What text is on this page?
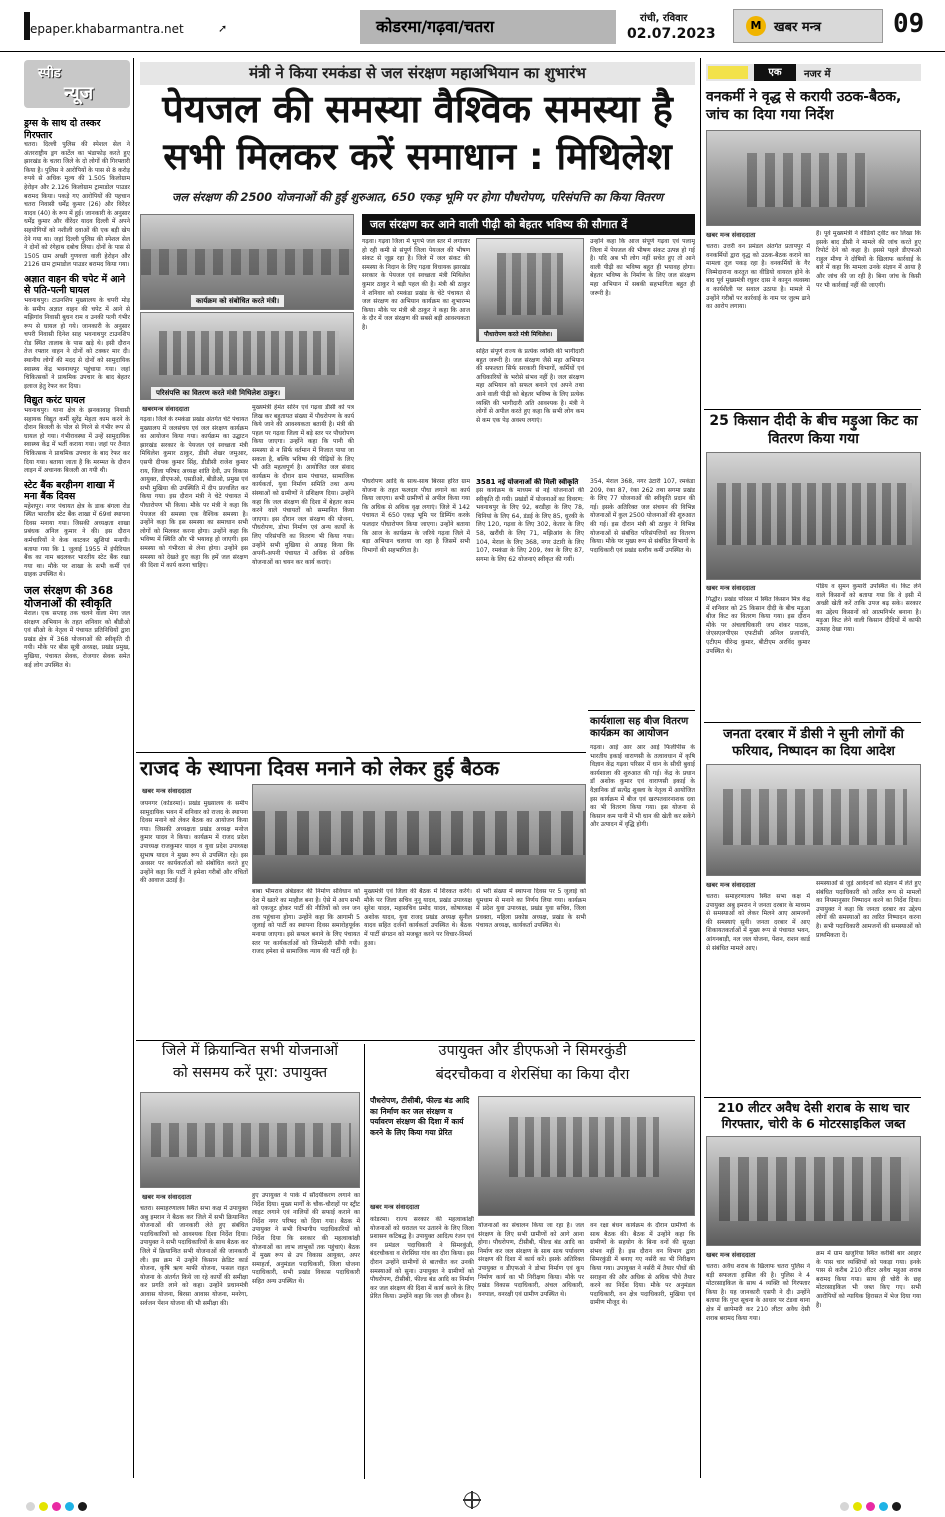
epaper.khabarmantra.net	➚	कोडरमा/गढ़वा/चतरा	रांची, रविवार
02.07.2023
M खबर मन्त्र	09
स्पीड
न्यूज
ड्रग्स के साथ दो तस्कर गिरफ्तार
चतरा। दिल्ली पुलिस की स्पेशल सेल ने अंतरराष्ट्रीय ड्रग कार्टेल का भंडाफोड़ करते हुए झारखंड के चतरा जिले के दो लोगों की गिरफ्तारी किया है। पुलिस ने आरोपियों के पास से 8 करोड़ रुपये से अधिक मूल्य की 1.505 किलोग्राम हेरोइन और 2.126 किलोग्राम ट्रामाडोल पाउडर बरामद किया। पकड़े गए आरोपियों की पहचान चतरा निवासी धर्मेंद्र कुमार (26) और विरेंदर यादव (40) के रूप में हुई। जानकारी के अनुसार धर्मेंद्र कुमार और वीरेंदर यादव दिल्ली में अपने सहयोगियों को नशीली दवाओं की एक बड़ी खेप देने गया था। जहां दिल्ली पुलिस की स्पेशल सेल ने दोनों को रंगेहाथ दबोच लिया। दोनों के पास से 1505 ग्राम अच्छी गुणवत्ता वाली हेरोइन और 2126 ग्राम ट्रामाडोल पाउडर बरामद किया गया।
अज्ञात वाहन की चपेट में आने से पति-पत्नी घायल
भवनाथपुर। टाउनशिप मुख्यालय के चपरी मोड़ के समीप अज्ञात वाहन की चपेट में आने से मझिगांव निवासी बुधन राम व उनकी पत्नी गंभीर रूप से घायल हो गये। जानकारी के अनुसार चपरी निवासी दिनेश साह भवनाथपुर टाउनशिप रोड स्थित तालाब के पास खड़े थे। इसी दौरान तेज रफ्तार वाहन ने दोनों को टक्कर मार दी। स्थानीय लोगों की मदद से दोनों को सामुदायिक स्वास्थ्य केंद्र भवनाथपुर पहुंचाया गया। जहां चिकित्सकों ने प्राथमिक उपचार के बाद बेहतर इलाज हेतु रेफर कर दिया।
विद्युत करंट घायल
भवनाथपुर। थाना क्षेत्र के झनकावाह निवासी सहायक विद्युत कर्मी सुरेंद्र मेहता काम करने के दौरान बिजली के पोल से गिरने से गंभीर रूप से घायल हो गया। गंभीरावस्था में उन्हें सामुदायिक स्वास्थ्य केंद्र में भर्ती कराया गया। जहां पर तैनात चिकित्सक ने प्राथमिक उपचार के बाद रेफर कर दिया गया। बताया जाता है कि मरम्मत के दौरान लाइन में अचानक बिजली आ गयी थी।
स्टेट बैंक बरहीनग शाखा में मना बैंक दिवस
महेशपुर। नगर पंचायत क्षेत्र के डाक बंगला रोड स्थित भारतीय स्टेट बैंक शाखा में 69वां स्थापना दिवस मनाया गया। जिसकी अध्यक्षता शाखा प्रबंधक अनिल कुमार ने की। इस दौरान कर्मचारियों ने केक काटकर खुशियां मनायी। बताया गया कि 1 जुलाई 1955 में इंपीरियल बैंक का नाम बदलकर भारतीय स्टेट बैंक रखा गया था। मौके पर शाखा के सभी कर्मी एवं ग्राहक उपस्थित थे।
जल संरक्षण की 368 योजनाओं की स्वीकृति
मेराल। एक सप्ताह तक चलने वाला मेगा जल संरक्षण अभियान के तहत शनिवार को बीडीओ एवं सीओ के नेतृत्व में पंचायत प्रतिनिधियों द्वारा प्रखंड क्षेत्र में 368 योजनाओं की स्वीकृति दी गयी। मौके पर बीस सूत्री अध्यक्ष, प्रखंड प्रमुख, मुखिया, पंचायत सेवक, रोजगार सेवक समेत कई लोग उपस्थित थे।
मंत्री ने किया रमकंडा से जल संरक्षण महाअभियान का शुभारंभ
पेयजल की समस्या वैश्विक समस्या है
सभी मिलकर करें समाधान : मिथिलेश
जल संरक्षण की 2500 योजनाओं की हुई शुरुआत, 650 एकड़ भूमि पर होगा पौधरोपण, परिसंपत्ति का किया वितरण
कार्यक्रम को संबोधित करते मंत्री।
परिसंपत्ति का वितरण करते मंत्री मिथिलेश ठाकुर।
खबरमन्त्र संवाददाता
गढ़वा। जिले के रमकंडा प्रखंड अंतर्गत चेटे पंचायत मुख्यालय में जलसंचय एवं जल संरक्षण कार्यक्रम का आयोजन किया गया। कार्यक्रम का उद्घाटन झारखंड सरकार के पेयजल एवं स्वच्छता मंत्री मिथिलेश कुमार ठाकुर, डीसी शेखर जमुआर, एसपी दीपक कुमार सिंह, डीडीसी राजेश कुमार राय, जिला परिषद अध्यक्ष शांति देवी, उप विकास आयुक्त, डीएफओ, एसडीओ, बीडीओ, प्रमुख एवं सभी मुखिया की उपस्थिति में दीप प्रज्वलित कर किया गया। इस दौरान मंत्री ने चेटे पंचायत में पौधारोपण भी किया। मौके पर मंत्री ने कहा कि पेयजल की समस्या एक वैश्विक समस्या है। उन्होंने कहा कि इस समस्या का समाधान सभी लोगों को मिलकर करना होगा। उन्होंने कहा कि भविष्य में स्थिति और भी भयावह हो जाएगी। इस समस्या को गंभीरता से लेना होगा। उन्होंने इस समस्या को देखते हुए कहा कि हमें जल संरक्षण की दिशा में कार्य करना चाहिए।
मुख्यमंत्री हेमंत सोरेन एवं गढ़वा डीसी को पत्र लिख कर बहुतायत संख्या में पौधरोपण के कार्य किये जाने की आवश्यकता बतायी है। मंत्री की पहल पर गढ़वा जिला में बड़े स्तर पर पौधरोपण किया जाएगा। उन्होंने कहा कि पानी की समस्या से न सिर्फ वर्तमान में निजात पाया जा सकता है, बल्कि भविष्य की पीढ़ियों के लिए भी अति महत्वपूर्ण है। आयोजित जल संवाद कार्यक्रम के दौरान ग्राम पंचायत, सामाजिक कार्यकर्ता, युवा निर्माण समिति तथा अन्य संस्थाओं को ग्रामीणों ने प्रशिक्षण दिया। उन्होंने कहा कि जल संरक्षण की दिशा में बेहतर काम करने वाले पंचायतों को सम्मानित किया जाएगा। इस दौरान जल संरक्षण की योजना, पौधरोपण, डोभा निर्माण एवं अन्य कार्यों के लिए परिसंपत्ति का वितरण भी किया गया। उन्होंने सभी मुखिया से आग्रह किया कि अपनी-अपनी पंचायत में अधिक से अधिक योजनाओं का चयन कर कार्य कराएं।
जल संरक्षण कर आने वाली पीढ़ी को बेहतर भविष्य की सौगात दें
गढ़वा। गढ़वा जिला में भूगर्भ जल स्तर में लगातार हो रही कमी से संपूर्ण जिला पेयजल की भीषण संकट से जूझ रहा है। जिले में जल संकट की समस्या के निदान के लिए गढ़वा विधायक झारखंड सरकार के पेयजल एवं स्वच्छता मंत्री मिथिलेश कुमार ठाकुर ने बड़ी पहल की है। मंत्री श्री ठाकुर ने शनिवार को रमकंडा प्रखंड के चेटे पंचायत से जल संरक्षण का अभियान कार्यक्रम का शुभारम्भ किया। मौके पर मंत्री श्री ठाकुर ने कहा कि आज के दौर में जल संरक्षण की सबसे बड़ी आवश्यकता है।
पौधारोपण करते मंत्री मिथिलेश।
सहित संपूर्ण राज्य के प्रत्येक व्यक्ति की भागीदारी बहुत जरूरी है। जल संरक्षण जैसे महा अभियान की सफलता सिर्फ सरकारी विभागों, कर्मियों एवं अधिकारियों के भरोसे संभव नहीं है। जल संरक्षण महा अभियान को सफल बनाने एवं अपने तथा आने वाली पीढ़ी को बेहतर भविष्य के लिए प्रत्येक व्यक्ति की भागीदारी अति आवश्यक है। मंत्री ने लोगों से अपील करते हुए कहा कि सभी लोग कम से कम एक पेड़ अवश्य लगाएं।
उन्होंने कहा कि आज संपूर्ण गढ़वा एवं पलामू जिला में पेयजल की भीषण संकट उत्पन्न हो गई है। यदि अब भी लोग नहीं सचेत हुए तो आने वाली पीढ़ी का भविष्य बहुत ही भयावह होगा। बेहतर भविष्य के निर्माण के लिए जल संरक्षण महा अभियान में सबकी सहभागिता बहुत ही जरूरी है।
पौधरोपण आदि के साथ-साथ बिरसा हरित ग्राम योजना के तहत फलदार पौधा लगाने का कार्य किया जाएगा। सभी ग्रामीणों से अपील किया गया कि अधिक से अधिक वृक्ष लगाएं। जिले में 142 पंचायत में 650 एकड़ भूमि पर डिम्पिंग करके फलदार पौधारोपण किया जाएगा। उन्होंने बताया कि आज के कार्यक्रम के जरिये गढ़वा जिले में बड़ा अभियान चलाया जा रहा है जिसमें सभी विभागों की सहभागिता है।
3581 नई योजनाओं की मिली स्वीकृति
इस कार्यक्रम के माध्यम से नई योजनाओं की स्वीकृति दी गयी। प्रखंडों में योजनाओं का विवरण: भवनाथपुर के लिए 92, बरडीहा के लिए 78, चिनियां के लिए 64, डंडई के लिए 85, धुरकी के लिए 120, गढ़वा के लिए 302, केतार के लिए 58, खरौंधी के लिए 71, मझिआंव के लिए 104, मेराल के लिए 368, नगर उंटारी के लिए 107, रमकंडा के लिए 209, रंका के लिए 87, सगमा के लिए 62 योजनाएं स्वीकृत की गयीं।
354, मेराल 368, नगर उंटारी 107, रमकंडा 209, रंका 87, रंका 262 तथा सगमा प्रखंड के लिए 77 योजनाओं की स्वीकृति प्रदान की गई। इसके अतिरिक्त जल संचयन की विभिन्न योजनाओं में कुल 2500 योजनाओं की शुरुआत की गई। इस दौरान मंत्री श्री ठाकुर ने विभिन्न योजनाओं से संबंधित परिसंपत्तियों का वितरण किया। मौके पर मुख्य रूप से संबंधित विभागों के पदाधिकारी एवं प्रखंड स्तरीय कर्मी उपस्थित थे।
कार्यशाला सह बीज वितरण कार्यक्रम का आयोजन
गढ़वा। आई आर आर आई फिलीपींस के भारतीय इकाई वाराणसी के तत्वावधान में कृषि विज्ञान केंद्र गढ़वा परिसर में धान के सीधी बुवाई कार्यशाला की शुरुआत की गई। केंद्र के प्रधान डॉ अशोक कुमार एवं वाराणसी इकाई के वैज्ञानिक डॉ सत्येंद्र शुक्ला के नेतृत्व में आयोजित इस कार्यक्रम में बीज एवं खरपतवारनाशक दवा का भी वितरण किया गया। इस योजना से किसान कम पानी में भी धान की खेती कर सकेंगे और उत्पादन में वृद्धि होगी।
राजद के स्थापना दिवस मनाने को लेकर हुई बैठक
खबर मन्त्र संवाददाता
जयनगर (कोडरमा)। प्रखंड मुख्यालय के समीप सामुदायिक भवन में शनिवार को राजद के स्थापना दिवस मनाने को लेकर बैठक का आयोजन किया गया। जिसकी अध्यक्षता प्रखंड अध्यक्ष मनोज कुमार यादव ने किया। कार्यक्रम में राजद प्रदेश उपाध्यक्ष राजकुमार यादव व युवा प्रदेश उपाध्यक्ष सुभाष यादव ने मुख्य रूप से उपस्थित रहे। इस अवसर पर कार्यकर्ताओं को संबोधित करते हुए उन्होंने कहा कि पार्टी ने हमेशा गरीबों और वंचितों की आवाज उठाई है।
बाबा भीमराव अंबेडकर की निर्माण संविधान को देश में खतरे का माहौल बना है। ऐसे में आप सभी को एकजुट होकर पार्टी की नीतियों को जन जन तक पहुंचाना होगा। उन्होंने कहा कि आगामी 5 जुलाई को पार्टी का स्थापना दिवस समारोहपूर्वक मनाया जाएगा। इसे सफल बनाने के लिए पंचायत स्तर पर कार्यकर्ताओं को जिम्मेदारी सौंपी गयी। राजद हमेशा से सामाजिक न्याय की पार्टी रही है।
मुख्यमंत्री एवं जिला की बैठक में शिरकत करेंगे। मौके पर जिला सचिव नुनू यादव, प्रखंड उपाध्यक्ष सुरेश यादव, महासचिव प्रमोद यादव, कोषाध्यक्ष अशोक यादव, युवा राजद प्रखंड अध्यक्ष सुनील यादव सहित दर्जनों कार्यकर्ता उपस्थित थे। बैठक में पार्टी संगठन को मजबूत करने पर विचार-विमर्श हुआ।
से भरी संख्या में स्थापना दिवस पर 5 जुलाई को धूमधाम से मनाने का निर्णय लिया गया। कार्यक्रम में प्रदेश युवा उपाध्यक्ष, प्रखंड युवा सचिव, जिला प्रवक्ता, महिला प्रकोष्ठ अध्यक्ष, प्रखंड के सभी पंचायत अध्यक्ष, कार्यकर्ता उपस्थित थे।
जिले में क्रियान्वित सभी योजनाओं
को ससमय करें पूरा: उपायुक्त
खबर मन्त्र संवाददाता
चतरा। समाहरणालय स्थित सभा कक्ष में उपायुक्त अबु इमरान ने बैठक कर जिले में सभी क्रियान्वित योजनाओं की जानकारी लेते हुए संबंधित पदाधिकारियों को आवश्यक दिशा निर्देश दिया। उपायुक्त ने सभी पदाधिकारियों के साथ बैठक कर जिले में क्रियान्वित सभी योजनाओं की जानकारी ली। इस क्रम में उन्होंने किसान क्रेडिट कार्ड योजना, कृषि ऋण माफी योजना, फसल राहत योजना के अंतर्गत किये जा रहे कार्यों की समीक्षा कर प्रगति लाने को कहा। उन्होंने प्रधानमंत्री आवास योजना, बिरसा आवास योजना, मनरेगा, सर्वजन पेंशन योजना की भी समीक्षा की।
हुए उपायुक्त ने पार्क में सौंदर्यीकरण लगाने का निर्देश दिया। मुख्य मार्गों के चौक-चौराहों पर स्ट्रीट लाइट लगाने एवं नालियों की सफाई कराने का निर्देश नगर परिषद को दिया गया। बैठक में उपायुक्त ने सभी विभागीय पदाधिकारियों को निर्देश दिया कि सरकार की महत्वाकांक्षी योजनाओं का लाभ लाभुकों तक पहुंचाएं। बैठक में मुख्य रूप से उप विकास आयुक्त, अपर समाहर्ता, अनुमंडल पदाधिकारी, जिला योजना पदाधिकारी, सभी प्रखंड विकास पदाधिकारी सहित अन्य उपस्थित थे।
उपायुक्त और डीएफओ ने सिमरकुंडी
बंदरचौकवा व शेरसिंघा का किया दौरा
पौधरोपण, टीसीबी, फील्ड बंड आदि का निर्माण कर जल संरक्षण व पर्यावरण संरक्षण की दिशा में कार्य करने के लिए किया गया प्रेरित
खबर मन्त्र संवाददाता
कोडरमा। राज्य सरकार की महत्वाकांक्षी योजनाओं को धरातल पर उतारने के लिए जिला प्रशासन कटिबद्ध है। उपायुक्त आदित्य रंजन एवं वन प्रमंडल पदाधिकारी ने सिमरकुंडी, बंदरचौकवा व शेरसिंघा गांव का दौरा किया। इस दौरान उन्होंने ग्रामीणों से बातचीत कर उनकी समस्याओं को सुना। उपायुक्त ने ग्रामीणों को पौधरोपण, टीसीबी, फील्ड बंड आदि का निर्माण कर जल संरक्षण की दिशा में कार्य करने के लिए प्रेरित किया। उन्होंने कहा कि जल ही जीवन है।
योजनाओं का संचालन किया जा रहा है। जल संरक्षण के लिए सभी ग्रामीणों को आगे आना होगा। पौधरोपण, टीसीबी, फील्ड बंड आदि का निर्माण कर जल संरक्षण के साथ साथ पर्यावरण संरक्षण की दिशा में कार्य करें। इसके अतिरिक्त उपायुक्त व डीएफओ ने डोभा निर्माण एवं कूप निर्माण कार्य का भी निरीक्षण किया। मौके पर प्रखंड विकास पदाधिकारी, अंचल अधिकारी, वनपाल, वनरक्षी एवं ग्रामीण उपस्थित थे।
वन रक्षा बंधन कार्यक्रम के दौरान ग्रामीणों के साथ बैठक की। बैठक में उन्होंने कहा कि ग्रामीणों के सहयोग के बिना वनों की सुरक्षा संभव नहीं है। इस दौरान वन विभाग द्वारा सिमरकुंडी में बनाए गए नर्सरी का भी निरीक्षण किया गया। उपायुक्त ने नर्सरी में तैयार पौधों की सराहना की और अधिक से अधिक पौधे तैयार करने का निर्देश दिया। मौके पर अनुमंडल पदाधिकारी, वन क्षेत्र पदाधिकारी, मुखिया एवं ग्रामीण मौजूद थे।
एक	नजर में
वनकर्मी ने वृद्ध से करायी उठक-बैठक, जांच का दिया गया निर्देश
खबर मन्त्र संवाददाता
चतरा। उत्तरी वन प्रमंडल अंतर्गत प्रतापपुर में वनकर्मियों द्वारा वृद्ध को उठक-बैठक कराने का मामला तूल पकड़ रहा है। वनकर्मियों के गैर जिम्मेदाराना करतूत का वीडियो वायरल होने के बाद पूर्व मुख्यमंत्री रघुवर दास ने कानून व्यवस्था व कार्यशैली पर सवाल उठाया है। मामले में उन्होंने गरीबों पर कार्रवाई के नाम पर जुल्म ढाने का आरोप लगाया।
है। पूर्व मुख्यमंत्री ने वीडियो ट्वीट कर लिखा कि इसके बाद डीसी ने मामले की जांच करते हुए रिपोर्ट देने को कहा है। इससे पहले डीएफओ राहुल मीणा ने दोषियों के खिलाफ कार्रवाई के बारे में कहा कि मामला उनके संज्ञान में आया है और जांच की जा रही है। बिना जांच के किसी पर भी कार्रवाई नहीं की जाएगी।
25 किसान दीदी के बीच मड़ुआ किट का वितरण किया गया
खबर मन्त्र संवाददाता
गिद्धौर। प्रखंड परिसर में स्थित किसान मित्र केंद्र में शनिवार को 25 किसान दीदी के बीच मड़ुआ बीज किट का वितरण किया गया। इस दौरान मौके पर अंचलाधिकारी जय शंकर पाठक, जेएसएलपीएस एफटीसी अनिल प्रजापति, एटीएम धीरेन्द्र कुमार, बीटीएम अरविंद कुमार उपस्थित थे।
पंडिय व सुमन कुमारी उपस्थित थे। किट लेने वाले किसानों को बताया गया कि वे इसी में अच्छी खेती करें ताकि उपज बढ़ सके। सरकार का उद्देश्य किसानों को आत्मनिर्भर बनाना है। मड़ुआ किट लेने वाली किसान दीदियों में काफी उत्साह देखा गया।
जनता दरबार में डीसी ने सुनी लोगों की फरियाद, निष्पादन का दिया आदेश
खबर मन्त्र संवाददाता
चतरा। समाहरणालय स्थित सभा कक्ष में उपायुक्त अबु इमरान ने जनता दरबार के माध्यम से समस्याओं को लेकर मिलने आए आमजनों की समस्याएं सुनी। जनता दरबार में आए शिकायतकर्ताओं में मुख्य रूप से पंचायत भवन, आंगनबाड़ी, नल जल योजना, पेंशन, राशन कार्ड से संबंधित मामले आए।
समस्याओं से जुड़े आवेदनों को संज्ञान में लेते हुए संबंधित पदाधिकारी को त्वरित रूप से मामलों का नियमानुसार निष्पादन करने का निर्देश दिया। उपायुक्त ने कहा कि जनता दरबार का उद्देश्य लोगों की समस्याओं का त्वरित निष्पादन करना है। सभी पदाधिकारी आमजनों की समस्याओं को प्राथमिकता दें।
210 लीटर अवैध देसी शराब के साथ चार गिरफ्तार, चोरी के 6 मोटरसाइकिल जब्त
खबर मन्त्र संवाददाता
चतरा। अवैध शराब के खिलाफ चतरा पुलिस ने बड़ी सफलता हासिल की है। पुलिस ने 4 मोटरसाइकिल के साथ 4 व्यक्ति को गिरफ्तार किया है। यह जानकारी एसपी ने दी। उन्होंने बताया कि गुप्त सूचना के आधार पर टंडवा थाना क्षेत्र में छापेमारी कर 210 लीटर अवैध देसी शराब बरामद किया गया।
क्रम में ग्राम खजुरिया स्थित करीबी बार आहार के पास चार व्यक्तियों को पकड़ा गया। इनके पास से करीब 210 लीटर अवैध महुआ शराब बरामद किया गया। साथ ही चोरी के छह मोटरसाइकिल भी जब्त किए गए। सभी आरोपियों को न्यायिक हिरासत में भेज दिया गया है।
